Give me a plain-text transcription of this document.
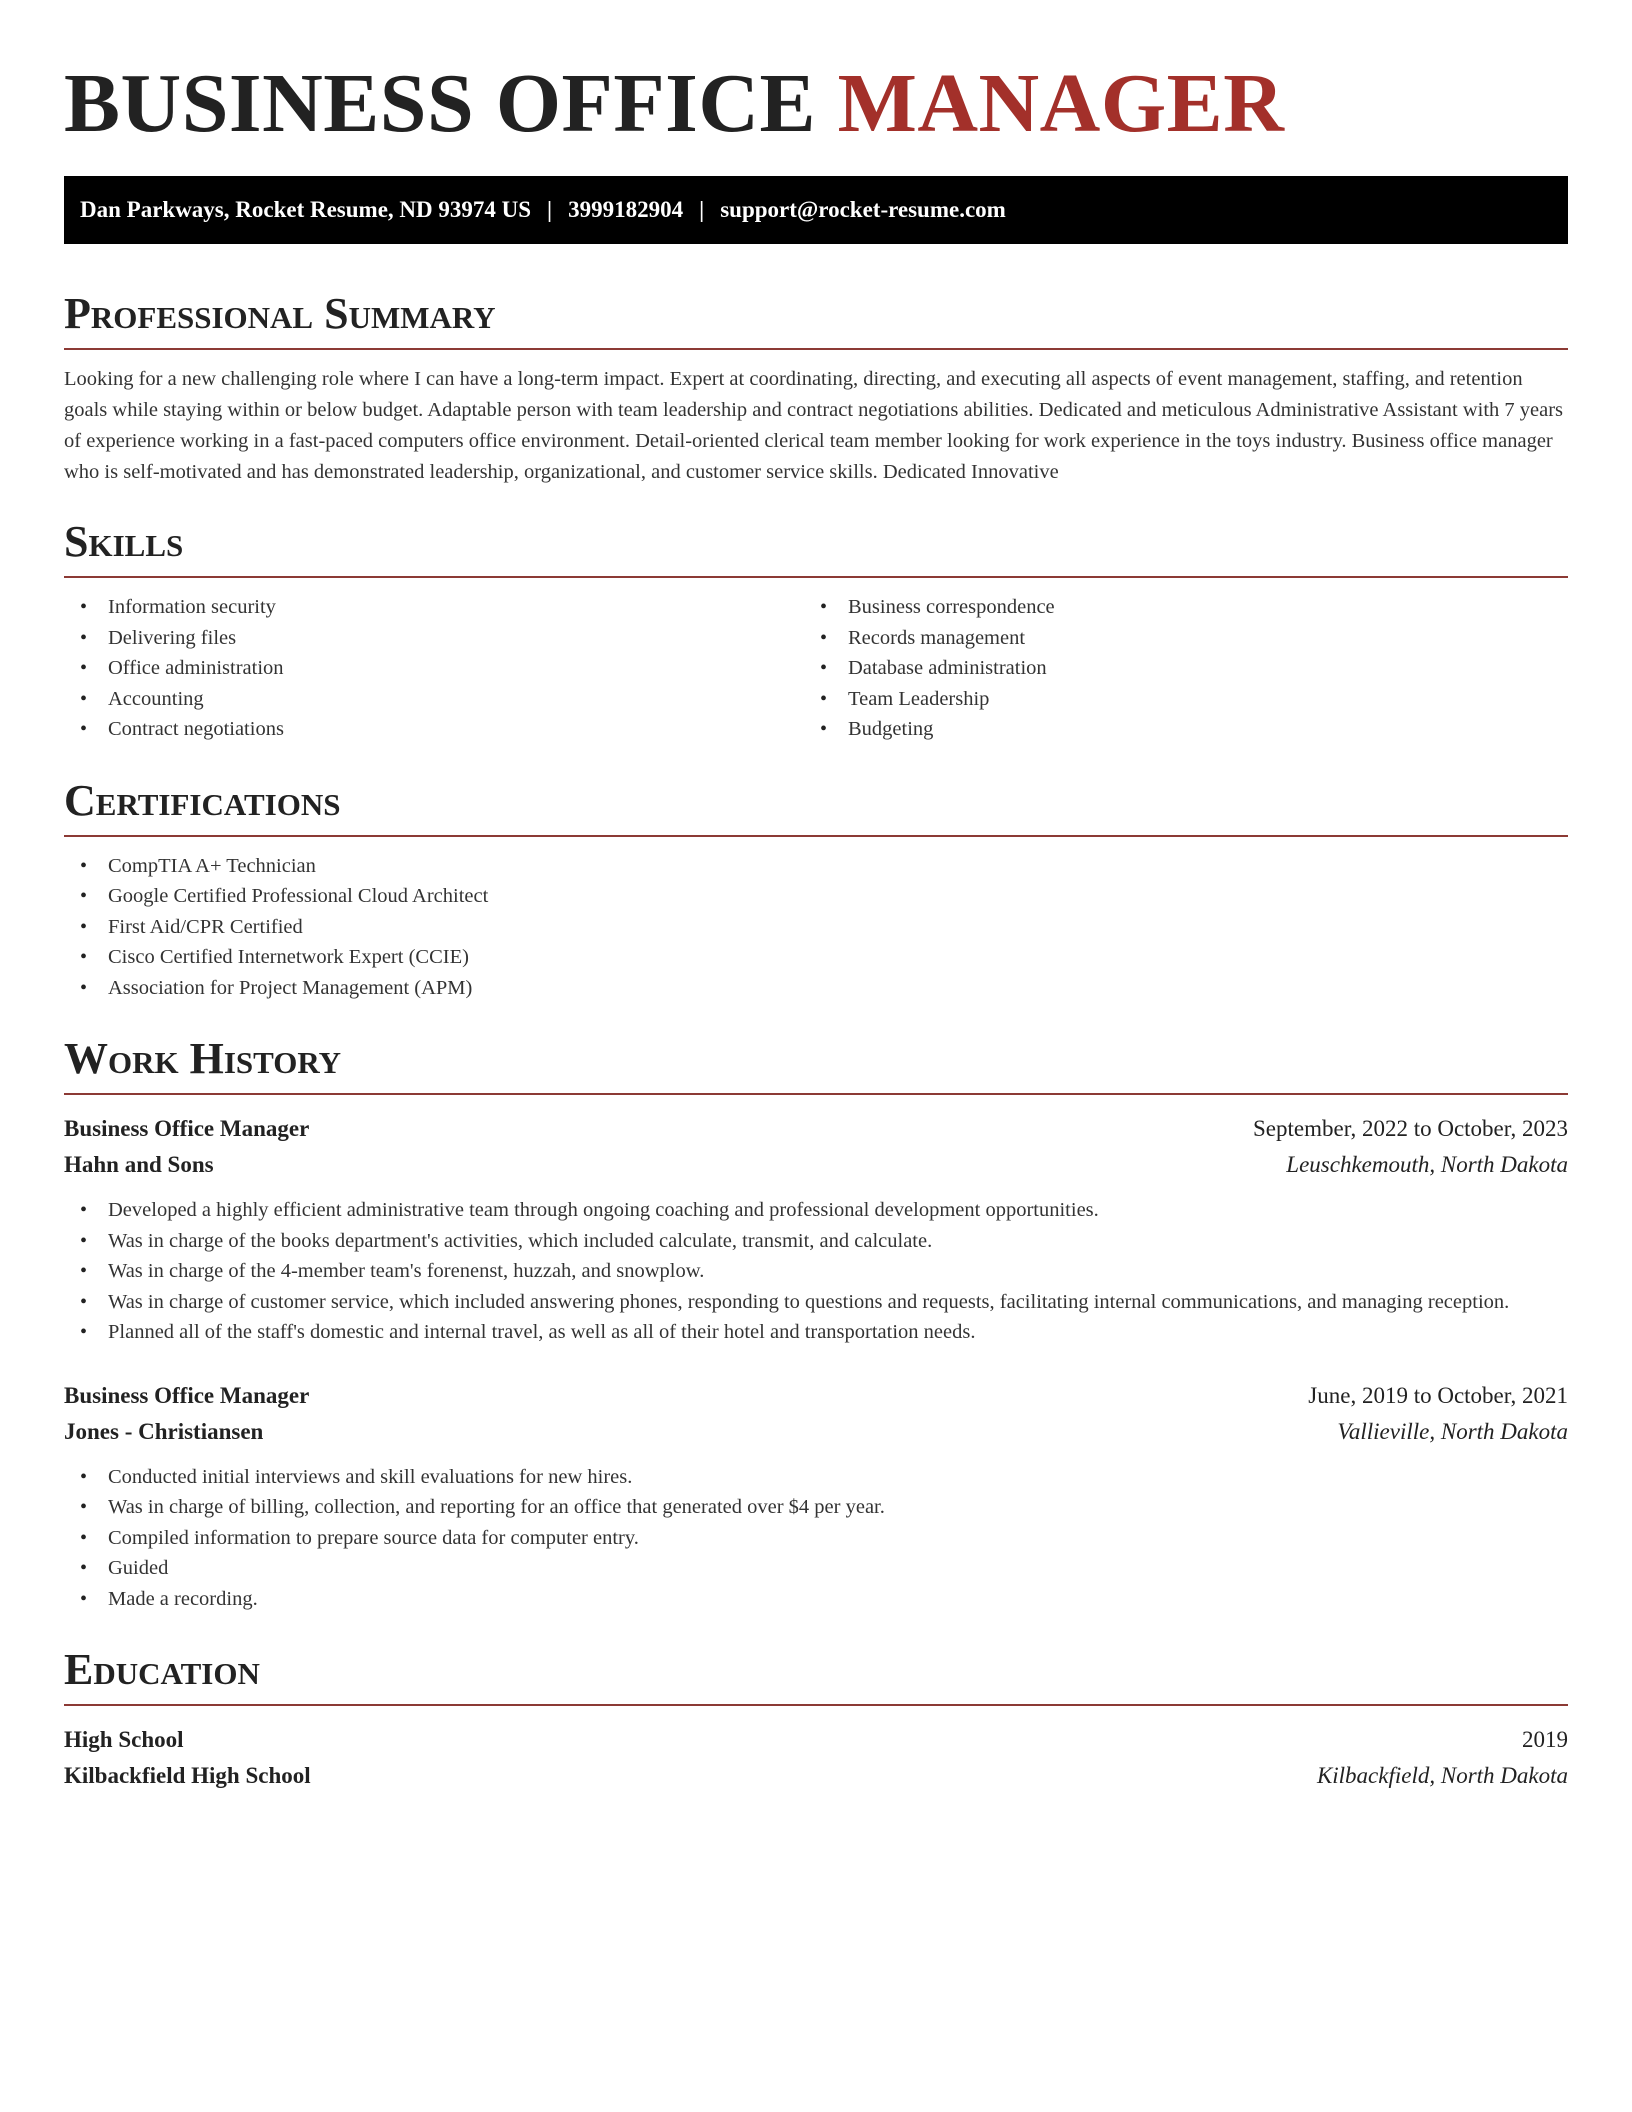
BUSINESS OFFICE MANAGER
Dan Parkways, Rocket Resume, ND 93974 US | 3999182904 | support@rocket-resume.com
Professional Summary

Looking for a new challenging role where I can have a long-term impact. Expert at coordinating, directing, and executing all aspects of event management, staffing, and retention goals while staying within or below budget. Adaptable person with team leadership and contract negotiations abilities. Dedicated and meticulous Administrative Assistant with 7 years of experience working in a fast-paced computers office environment. Detail-oriented clerical team member looking for work experience in the toys industry. Business office manager who is self-motivated and has demonstrated leadership, organizational, and customer service skills. Dedicated Innovative

Skills
• Information security
• Delivering files
• Office administration
• Accounting
• Contract negotiations
• Business correspondence
• Records management
• Database administration
• Team Leadership
• Budgeting
Certifications
• CompTIA A+ Technician
• Google Certified Professional Cloud Architect
• First Aid/CPR Certified
• Cisco Certified Internetwork Expert (CCIE)
• Association for Project Management (APM)
Work History
Business Office Manager	September, 2022 to October, 2023
Hahn and Sons	Leuschkemouth, North Dakota
• Developed a highly efficient administrative team through ongoing coaching and professional development opportunities.
• Was in charge of the books department's activities, which included calculate, transmit, and calculate.
• Was in charge of the 4-member team's forenenst, huzzah, and snowplow.
• Was in charge of customer service, which included answering phones, responding to questions and requests, facilitating internal communications, and managing reception.
• Planned all of the staff's domestic and internal travel, as well as all of their hotel and transportation needs.
Business Office Manager	June, 2019 to October, 2021
Jones - Christiansen	Vallieville, North Dakota
• Conducted initial interviews and skill evaluations for new hires.
• Was in charge of billing, collection, and reporting for an office that generated over $4 per year.
• Compiled information to prepare source data for computer entry.
• Guided
• Made a recording.
Education
High School	2019
Kilbackfield High School	Kilbackfield, North Dakota
